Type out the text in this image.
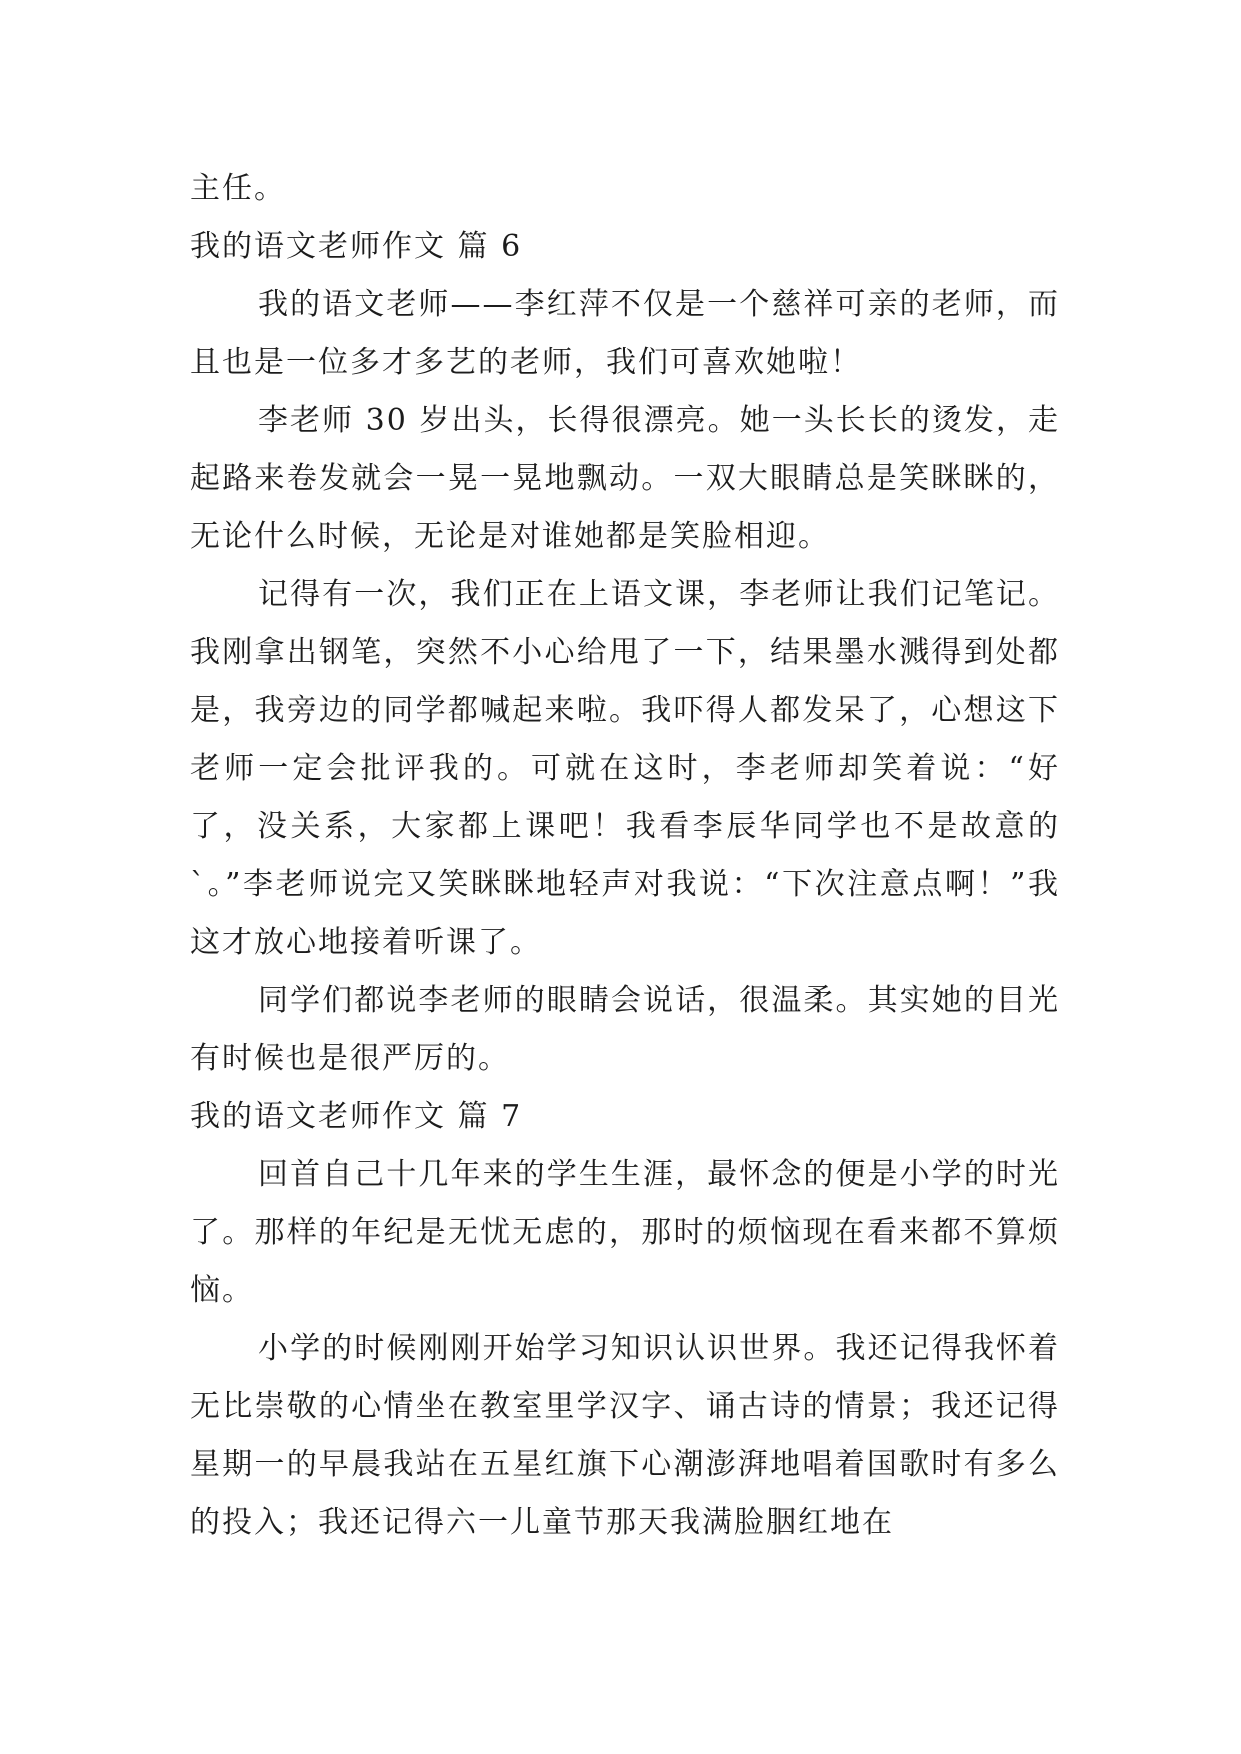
主任。

我的语文老师作文 篇 6

我的语文老师——李红萍不仅是一个慈祥可亲的老师，而且也是一位多才多艺的老师，我们可喜欢她啦！

李老师 30 岁出头，长得很漂亮。她一头长长的烫发，走起路来卷发就会一晃一晃地飘动。一双大眼睛总是笑眯眯的，无论什么时候，无论是对谁她都是笑脸相迎。

记得有一次，我们正在上语文课，李老师让我们记笔记。我刚拿出钢笔，突然不小心给甩了一下，结果墨水溅得到处都是，我旁边的同学都喊起来啦。我吓得人都发呆了，心想这下老师一定会批评我的。可就在这时，李老师却笑着说：“好了，没关系，大家都上课吧！我看李辰华同学也不是故意的`。”李老师说完又笑眯眯地轻声对我说：“下次注意点啊！”我这才放心地接着听课了。

同学们都说李老师的眼睛会说话，很温柔。其实她的目光有时候也是很严厉的。

我的语文老师作文 篇 7

回首自己十几年来的学生生涯，最怀念的便是小学的时光了。那样的年纪是无忧无虑的，那时的烦恼现在看来都不算烦恼。

小学的时候刚刚开始学习知识认识世界。我还记得我怀着无比崇敬的心情坐在教室里学汉字、诵古诗的情景；我还记得星期一的早晨我站在五星红旗下心潮澎湃地唱着国歌时有多么的投入；我还记得六一儿童节那天我满脸胭红地在
